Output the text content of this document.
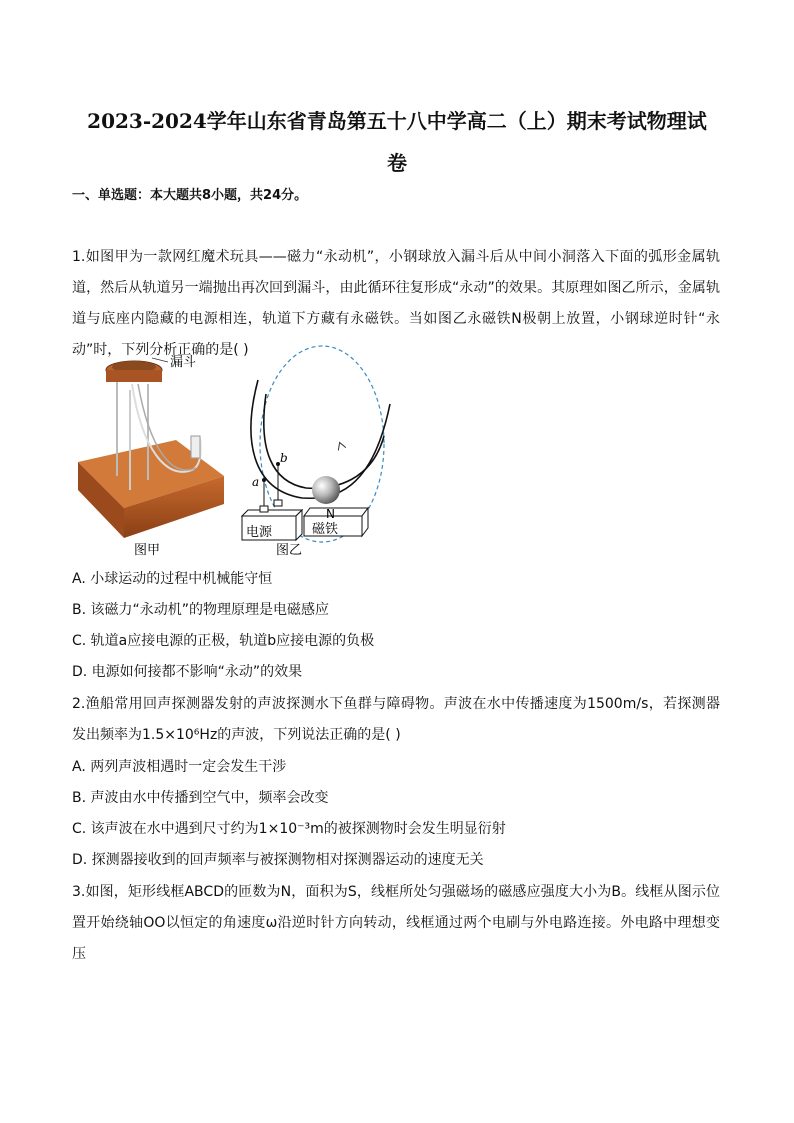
2023-2024学年山东省青岛第五十八中学高二（上）期末考试物理试
卷
一、单选题：本大题共8小题，共24分。
1.如图甲为一款网红魔术玩具——磁力“永动机”，小钢球放入漏斗后从中间小洞落入下面的弧形金属轨道，然后从轨道另一端抛出再次回到漏斗，由此循环往复形成“永动”的效果。其原理如图乙所示，金属轨道与底座内隐藏的电源相连，轨道下方藏有永磁铁。当如图乙永磁铁N极朝上放置，小钢球逆时针“永动”时，下列分析正确的是( )
漏斗
a
b
电源
N
磁铁
图甲	图乙
A. 小球运动的过程中机械能守恒
B. 该磁力“永动机”的物理原理是电磁感应
C. 轨道a应接电源的正极，轨道b应接电源的负极
D. 电源如何接都不影响“永动”的效果
2.渔船常用回声探测器发射的声波探测水下鱼群与障碍物。声波在水中传播速度为1500m/s，若探测器发出频率为1.5×10⁶Hz的声波，下列说法正确的是( )
A. 两列声波相遇时一定会发生干涉
B. 声波由水中传播到空气中，频率会改变
C. 该声波在水中遇到尺寸约为1×10⁻³m的被探测物时会发生明显衍射
D. 探测器接收到的回声频率与被探测物相对探测器运动的速度无关
3.如图，矩形线框ABCD的匝数为N，面积为S，线框所处匀强磁场的磁感应强度大小为B。线框从图示位置开始绕轴OO以恒定的角速度ω沿逆时针方向转动，线框通过两个电刷与外电路连接。外电路中理想变压
